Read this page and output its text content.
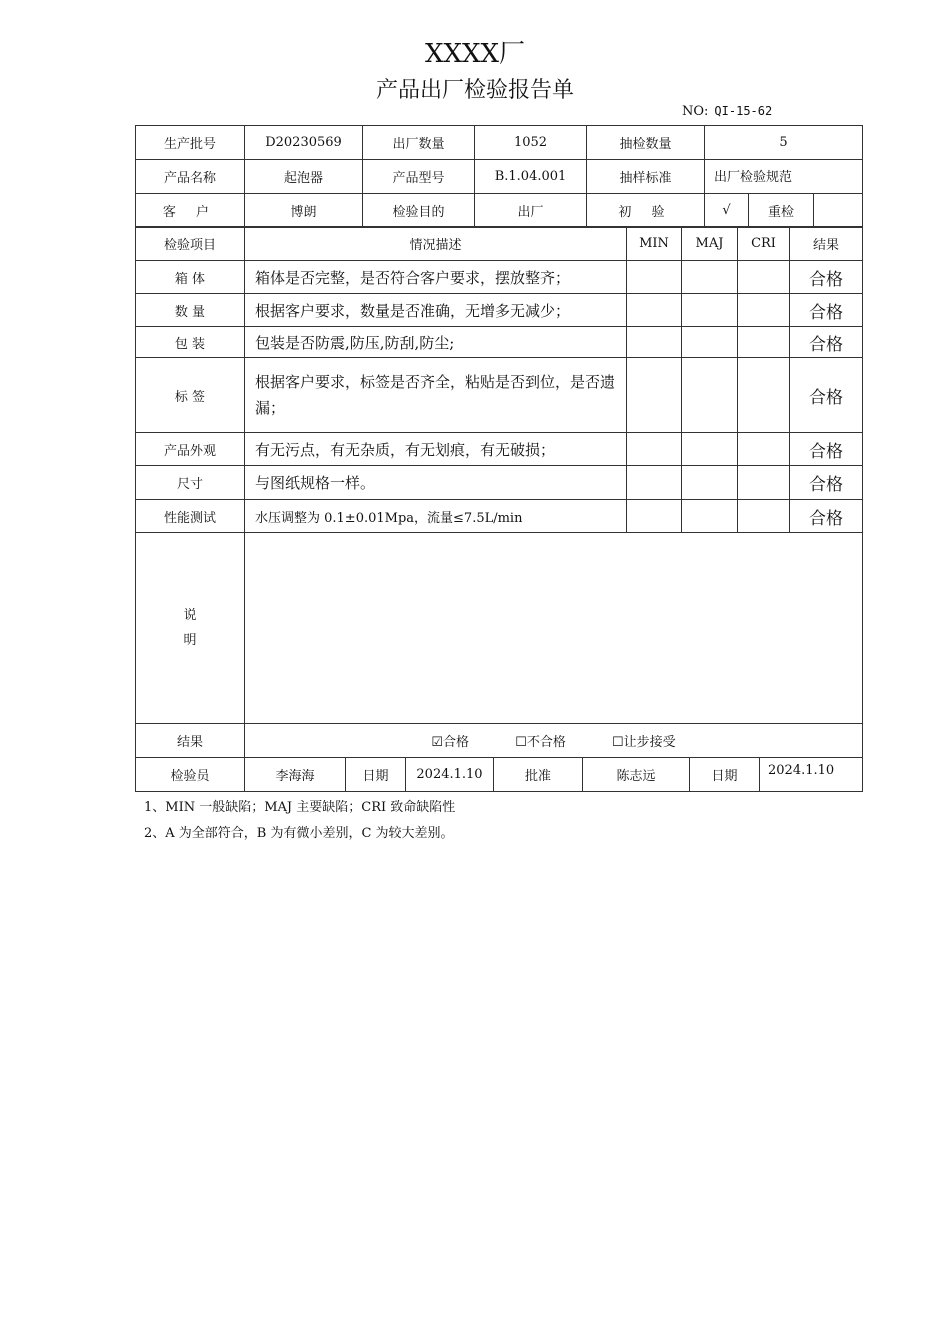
XXXX厂
产品出厂检验报告单
NO: QI-15-62
生产批号	D20230569	出厂数量	1052	抽检数量	5		
产品名称	起泡器	产品型号	B.1.04.001	抽样标准	出厂检验规范		
客 户	博朗	检验目的	出厂	初 验	√	重检	
检验项目	情况描述	MIN	MAJ	CRI	结果
箱 体	箱体是否完整，是否符合客户要求，摆放整齐；				合格
数 量	根据客户要求，数量是否准确，无增多无减少；				合格
包 装	包装是否防震,防压,防刮,防尘;				合格
标 签	根据客户要求，标签是否齐全，粘贴是否到位，是否遗漏；				合格
产品外观	有无污点，有无杂质，有无划痕，有无破损；				合格
尺寸	与图纸规格一样。				合格
性能测试	水压调整为 0.1±0.01Mpa，流量≤7.5L/min				合格

说
明					

结果	☑合格 ☐不合格 ☐让步接受						
检验员	李海海	日期	2024.1.10	批准	陈志远	日期	2024.1.10
1、MIN 一般缺陷；MAJ 主要缺陷；CRI 致命缺陷性
2、A 为全部符合，B 为有微小差别，C 为较大差别。
